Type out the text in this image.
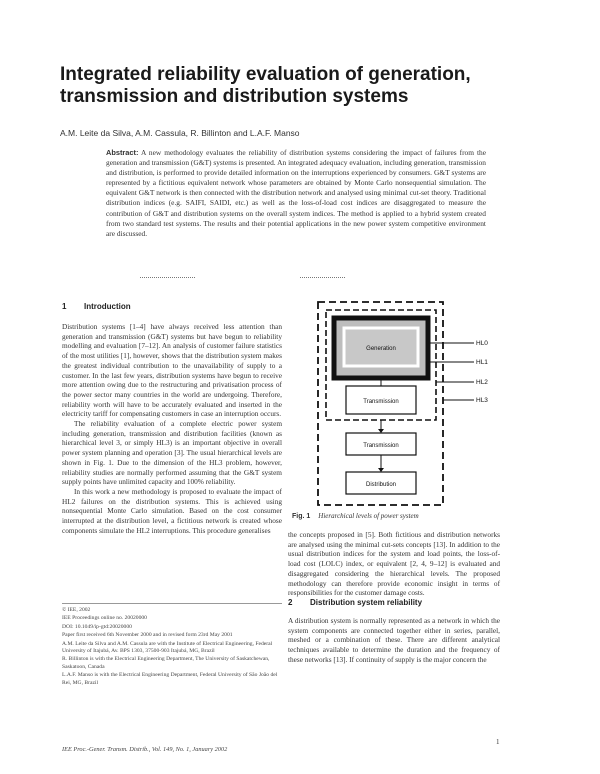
Integrated reliability evaluation of generation, transmission and distribution systems
A.M. Leite da Silva, A.M. Cassula, R. Billinton and L.A.F. Manso

Abstract: A new methodology evaluates the reliability of distribution systems considering the impact of failures from the generation and transmission (G&T) systems is presented. An integrated adequacy evaluation, including generation, transmission and distribution, is performed to provide detailed information on the interruptions experienced by consumers. G&T systems are represented by a fictitious equivalent network whose parameters are obtained by Monte Carlo nonsequential simulation. The equivalent G&T network is then connected with the distribution network and analysed using minimal cut-set theory. Traditional distribution indices (e.g. SAIFI, SAIDI, etc.) as well as the loss-of-load cost indices are disaggregated to measure the contribution of G&T and distribution systems on the overall system indices. The method is applied to a hybrid system created from two standard test systems. The results and their potential applications in the new power system competitive environment are discussed.

1 Introduction

Distribution systems [1–4] have always received less attention than generation and transmission (G&T) systems but have begun to reliability modelling and evaluation [7–12]. An analysis of customer failure statistics of the most utilities [1], however, shows that the distribution system makes the greatest individual contribution to the unavailability of supply to a customer. In the last few years, distribution systems have begun to receive more attention owing due to the restructuring and privatisation process of the power sector many countries in the world are undergoing. Therefore, reliability worth will have to be accurately evaluated and inserted in the electricity tariff for compensating customers in case an interruption occurs.

The reliability evaluation of a complete electric power system including generation, transmission and distribution facilities (known as hierarchical level 3, or simply HL3) is an important objective in overall power system planning and operation [3]. The usual hierarchical levels are shown in Fig. 1. Due to the dimension of the HL3 problem, however, reliability studies are normally performed assuming that the G&T system supply points have unlimited capacity and 100% reliability.

In this work a new methodology is proposed to evaluate the impact of HL2 failures on the distribution systems. This is achieved using nonsequential Monte Carlo simulation. Based on the cost consumer interrupted at the distribution level, a fictitious network is created whose components simulate the HL2 interruptions. This procedure generalises

© IEE, 2002
IEE Proceedings online no. 20020000
DOI: 10.1049/ip-gtd:20020000
Paper first received 6th November 2000 and in revised form 23rd May 2001
A.M. Leite da Silva and A.M. Cassula are with the Institute of Electrical Engineering, Federal University of Itajubá, Av. BPS 1303, 37500-903 Itajubá, MG, Brazil
R. Billinton is with the Electrical Engineering Department, The University of Saskatchewan, Saskatoon, Canada
L.A.F. Manso is with the Electrical Engineering Department, Federal University of São João del Rei, MG, Brazil
Generation
Transmission
Transmission
Distribution
HL0
HL1
HL2
HL3
Fig. 1 Hierarchical levels of power system

the concepts proposed in [5]. Both fictitious and distribution networks are analysed using the minimal cut-sets concepts [13]. In addition to the usual distribution indices for the system and load points, the loss-of-load cost (LOLC) index, or equivalent [2, 4, 9–12] is evaluated and disaggregated considering the hierarchical levels. The proposed methodology can therefore provide economic insight in terms of responsibilities for the customer damage costs.

2 Distribution system reliability

A distribution system is normally represented as a network in which the system components are connected together either in series, parallel, meshed or a combination of these. There are different analytical techniques available to determine the duration and the frequency of these networks [13]. If continuity of supply is the major concern the

1
IEE Proc.-Gener. Transm. Distrib., Vol. 149, No. 1, January 2002
